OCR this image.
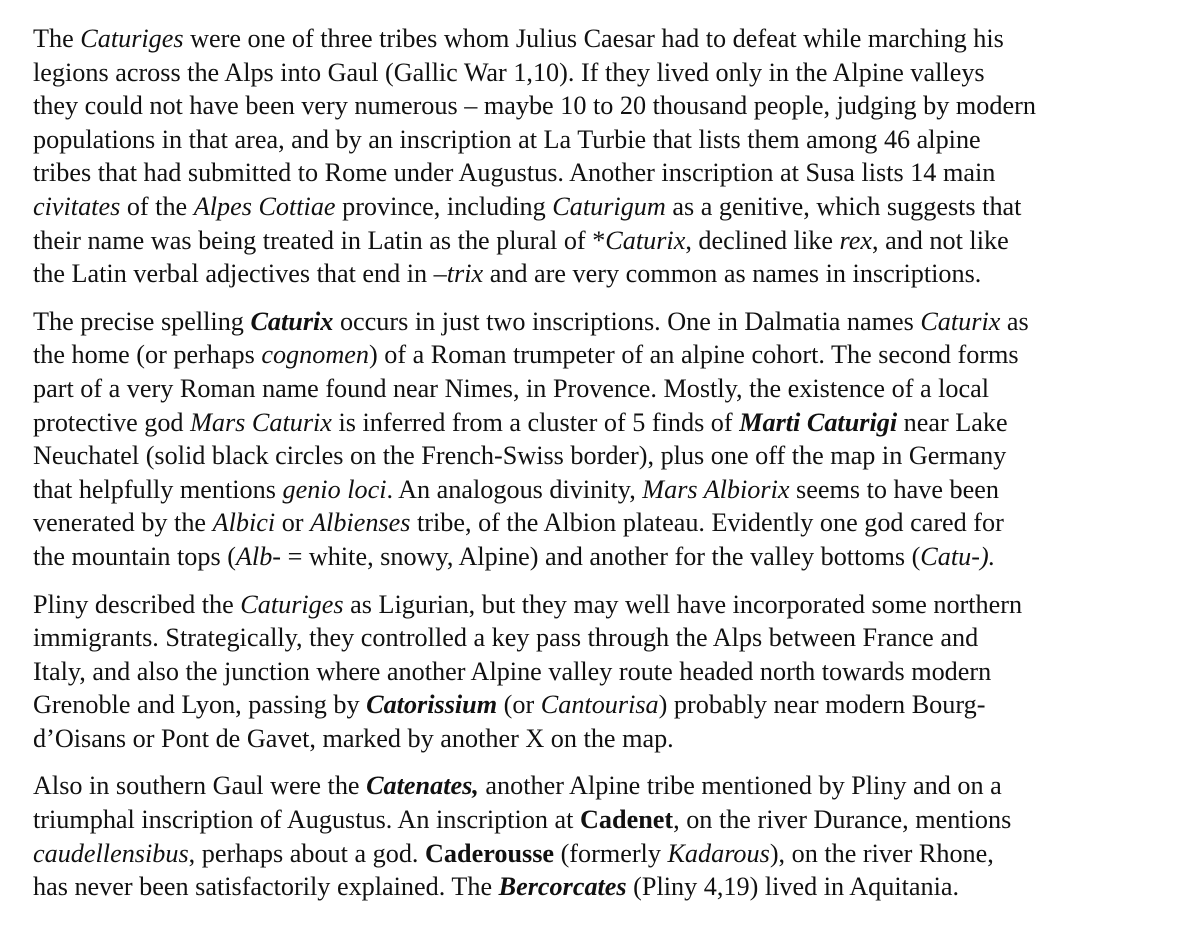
The Caturiges were one of three tribes whom Julius Caesar had to defeat while marching his
legions across the Alps into Gaul (Gallic War 1,10). If they lived only in the Alpine valleys
they could not have been very numerous – maybe 10 to 20 thousand people, judging by modern
populations in that area, and by an inscription at La Turbie that lists them among 46 alpine
tribes that had submitted to Rome under Augustus. Another inscription at Susa lists 14 main
civitates of the Alpes Cottiae province, including Caturigum as a genitive, which suggests that
their name was being treated in Latin as the plural of *Caturix, declined like rex, and not like
the Latin verbal adjectives that end in –trix and are very common as names in inscriptions.
The precise spelling Caturix occurs in just two inscriptions. One in Dalmatia names Caturix as
the home (or perhaps cognomen) of a Roman trumpeter of an alpine cohort. The second forms
part of a very Roman name found near Nimes, in Provence. Mostly, the existence of a local
protective god Mars Caturix is inferred from a cluster of 5 finds of Marti Caturigi near Lake
Neuchatel (solid black circles on the French-Swiss border), plus one off the map in Germany
that helpfully mentions genio loci. An analogous divinity, Mars Albiorix seems to have been
venerated by the Albici or Albienses tribe, of the Albion plateau. Evidently one god cared for
the mountain tops (Alb- = white, snowy, Alpine) and another for the valley bottoms (Catu-).
Pliny described the Caturiges as Ligurian, but they may well have incorporated some northern
immigrants. Strategically, they controlled a key pass through the Alps between France and
Italy, and also the junction where another Alpine valley route headed north towards modern
Grenoble and Lyon, passing by Catorissium (or Cantourisa) probably near modern Bourg-
d’Oisans or Pont de Gavet, marked by another X on the map.
Also in southern Gaul were the Catenates, another Alpine tribe mentioned by Pliny and on a
triumphal inscription of Augustus. An inscription at Cadenet, on the river Durance, mentions
caudellensibus, perhaps about a god. Caderousse (formerly Kadarous), on the river Rhone,
has never been satisfactorily explained. The Bercorcates (Pliny 4,19) lived in Aquitania.
